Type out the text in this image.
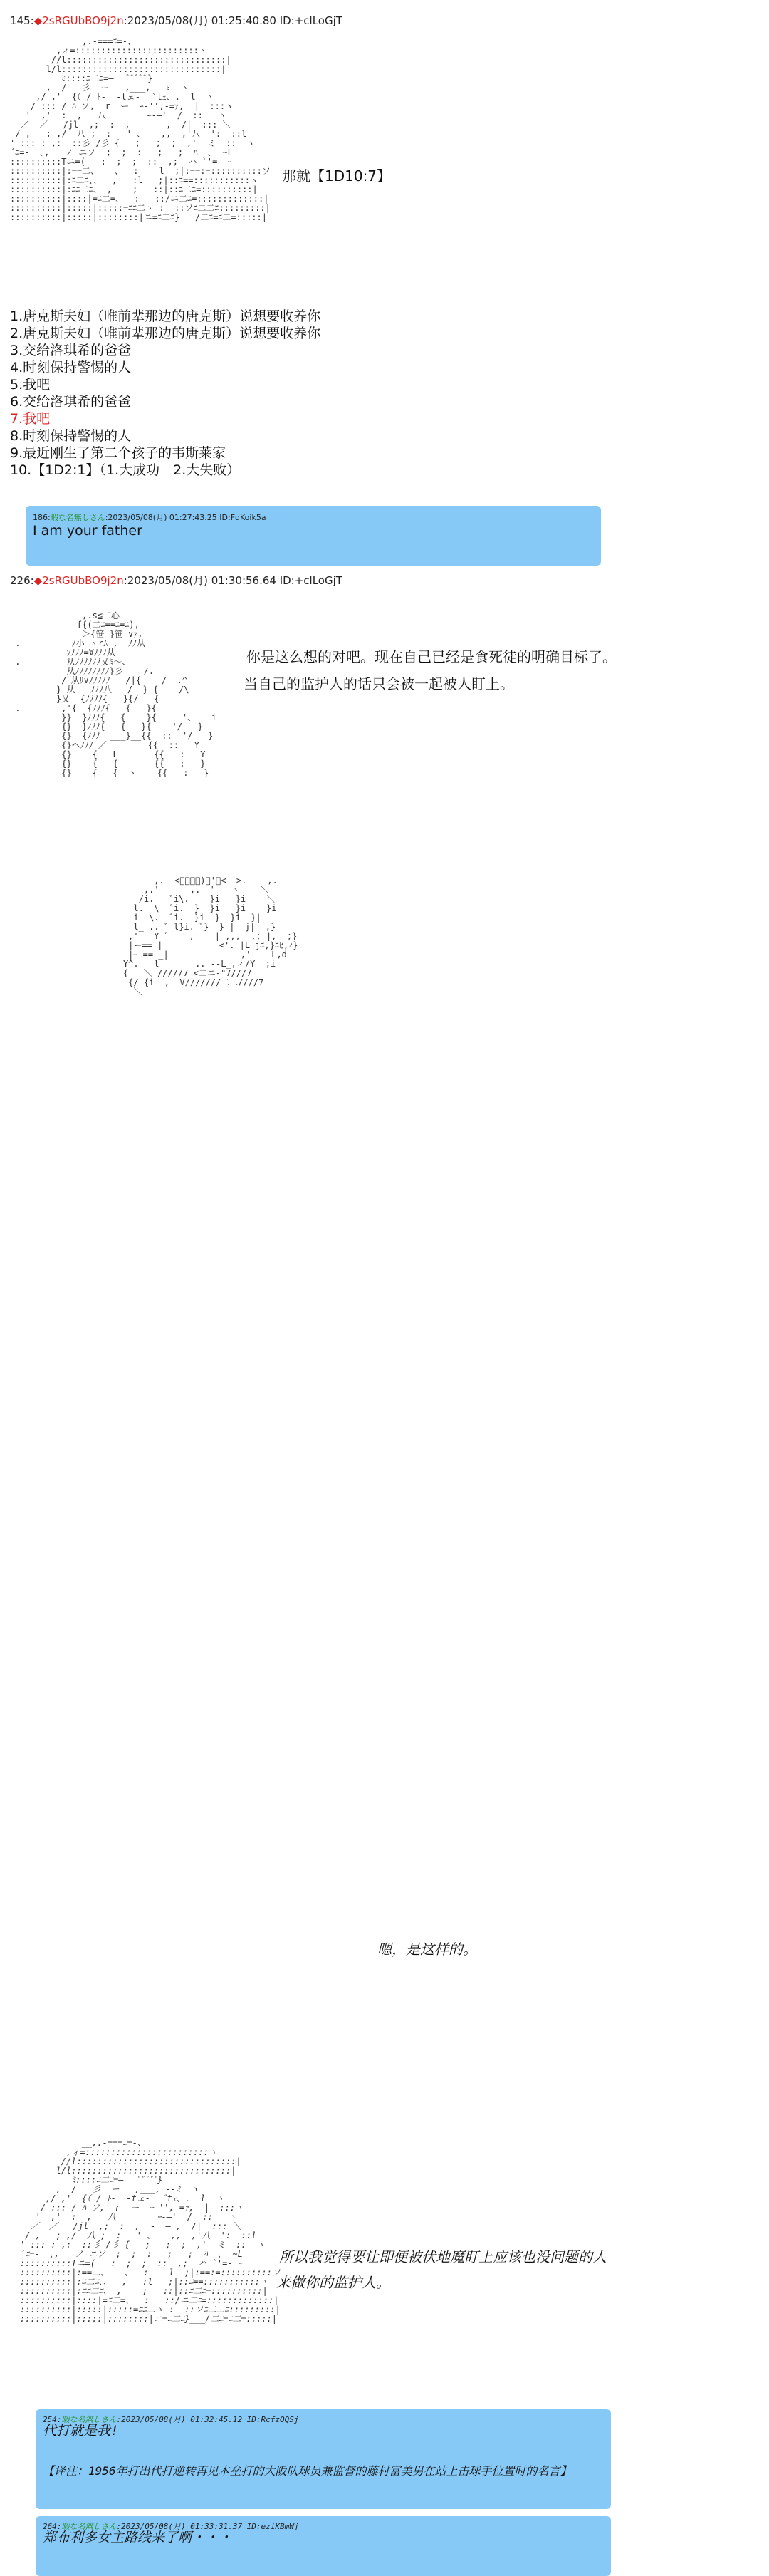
145:◆2sRGUbBO9j2n:2023/05/08(月) 01:25:40.80 ID:+clLoGjT
__,.-===ﾆ=-、
,ィ=::::::::::::::::::::::::ヽ
//l:::::::::::::::::::::::::::::::|
l/l:::::::::::::::::::::::::::::::|
ﾐ::::ﾆ二ﾆ=―   ﾞﾞﾞﾞﾞ}
,  /   彡  ー   ,___, -‐ﾐ  ヽ
,/ ,'  {（ / ﾄ-  ‐tェ-   ﾞtｪ、.  l  ヽ
/ ::: / ﾊ ソ,  r  ー  ｰ‐'',-=ｧ,  |  :::ヽ
'  ,'  :  ,   八        ｰ-―'  /  ::   ヽ
／  ／   /jl  ,;  :  ,  -  ― ,  /|  ::: ＼
/ ,   ; ,/  八 ;  :   ' 、   ,,  ,'八  ':  ::l
' ::: : ,:  ::彡 /彡 {   ;   ;  ;  ,'  ミ  ::  ヽ
´ﾆ=‐  ､,   ノ ニソ  ;  ;  :   ;   ;  ﾊ  ､  ~L
::::::::::Tニ=(   :  ;  ;  ::  ,;  ハ `'=‐ ｰ
::::::::::|:==二、   、  :    l  ;|:==:=::::::::::ソ
::::::::::|:ﾆ二ﾆ、、  ,   :l   ;|::ﾆ==:::::::::::ヽ
::::::::::|:ﾆﾆ二ﾆ、 ,    ;   ::|::ﾆ二ﾆ=::::::::::|
::::::::::|::::|=ﾆ二=、  :   ::/ニ二ﾆ=:::::::::::::|
::::::::::|:::::|:::::=ﾆﾆ二ヽ :  ::ソﾆ二二ﾆ:::::::::|
::::::::::|:::::|::::::::|ニ=ﾆ二ﾆ}___/二ﾆ=ﾆ二=:::::|

那就【1D10:7】
1.唐克斯夫妇（唯前辈那边的唐克斯）说想要收养你
2.唐克斯夫妇（唯前辈那边的唐克斯）说想要收养你
3.交给洛琪希的爸爸
4.时刻保持警惕的人
5.我吧
6.交给洛琪希的爸爸
7.我吧
8.时刻保持警惕的人
9.最近刚生了第二个孩子的韦斯莱家
10.【1D2:1】（1.大成功　2.大失败）
186:暇な名無しさん:2023/05/08(月) 01:27:43.25 ID:FqKoik5a
I am your father
226:◆2sRGUbBO9j2n:2023/05/08(月) 01:30:56.64 ID:+clLoGjT
,.s≦二心
f{(二ﾆ==ﾆ=ﾆ),
＞{笹 }笹 ∨ｧ,
.          ﾉ小 ヽrﾑ ,  ﾉﾉ从
ｿﾉﾉﾉ=∀ﾉﾉﾉ从
.         从ﾉﾉﾉﾉﾉﾉ乂ﾐ～、
从ﾉﾉﾉﾉﾉﾉﾉﾉ}彡    /.
/ﾞ从ﾘ∨ﾉﾉﾉﾉﾉ   /|{    /  .^
} 从   ﾉﾉﾉ八   /  } {    /\
}乂  {ﾉﾉﾉﾉ{   }{/   {
.        ,'{  {ﾉﾉﾉ{   {   }{
}}  }ﾉﾉﾉ{   {    }{     '、   i
{}  }ﾉﾉﾉ{   {   }{    '/   }
{}  {ﾉﾉﾉ  ___}__{{  ::  '/   }
{}ヘﾉﾉﾉ ／        {{  ::   Y
{}    {   L       {{   :   Y
{}    {   {       {{   :   }
{}    {   {  ヽ    {{   :   }

你是这么想的对吧。现在自己已经是食死徒的明确目标了。
当自己的监护人的话只会被一起被人盯上。
,.  <ﾞ￣ﾞﾞ)ﾞ'ﾞ<  >.    ,.
,.'      ,.  "   ヽ    ＼
/i.   ﾞi\.    }i   }i    ＼
l.  \  ﾞi.  }  }i   }i    }i
i  \.  ﾞi.  }i  }  }i  }|
l_ .. ﾞ l}i. ﾞ}  } |  j|  ,}
,'   Y ﾞ    ,'   | ,,,  ,; |,  ;}
|ー== |           <'. |L_jﾆ,}ﾆﾋ,ｨ}
|ｰ-== _|              ,'    L,d
Y^.   l       .. --L_,ィ/Y  ;i
{   ＼ /////7 <二ニ-"7///7
{/ {i  ,  V///////二二////7
＼

嗯，是这样的。

__,.-===ﾆ=-、
,ィ=::::::::::::::::::::::::ヽ
//l:::::::::::::::::::::::::::::::|
l/l:::::::::::::::::::::::::::::::|
ﾐ::::ﾆ二ﾆ=―   ﾞﾞﾞﾞﾞ}
,  /   彡  ー   ,___, -‐ﾐ  ヽ
,/ ,'  {（ / ﾄ-  ‐tェ-   ﾞtｪ、.  l  ヽ
/ ::: / ﾊ ソ,  r  ー  ｰ‐'',-=ｧ,  |  :::ヽ
'  ,'  :  ,   八        ｰ-―'  /  ::   ヽ
／  ／   /jl  ,;  :  ,  -  ― ,  /|  ::: ＼
/ ,   ; ,/  八 ;  :   ' 、   ,,  ,'八  ':  ::l
' ::: : ,:  ::彡 /彡 {   ;   ;  ;  ,'  ミ  ::  ヽ
´ﾆ=‐  ､,   ノ ニソ  ;  ;  :   ;   ;  ﾊ  ､  ~L
::::::::::Tニ=(   :  ;  ;  ::  ,;  ハ `'=‐ ｰ
::::::::::|:==二、   、  :    l  ;|:==:=::::::::::ソ
::::::::::|:ﾆ二ﾆ、、  ,   :l   ;|::ﾆ==:::::::::::ヽ
::::::::::|:ﾆﾆ二ﾆ、 ,    ;   ::|::ﾆ二ﾆ=::::::::::|
::::::::::|::::|=ﾆ二=、  :   ::/ニ二ﾆ=:::::::::::::|
::::::::::|:::::|:::::=ﾆﾆ二ヽ :  ::ソﾆ二二ﾆ:::::::::|
::::::::::|:::::|::::::::|ニ=ﾆ二ﾆ}___/二ﾆ=ﾆ二=:::::|

所以我觉得要让即便被伏地魔盯上应该也没问题的人

来做你的监护人。

254:暇な名無しさん:2023/05/08(月) 01:32:45.12 ID:RcfzOQSj

代打就是我!

【译注：1956年打出代打逆转再见本垒打的大阪队球员兼监督的藤村富美男在站上击球手位置时的名言】

264:暇な名無しさん:2023/05/08(月) 01:33:31.37 ID:eziKBmWj

郑布利多女主路线来了啊・・・
